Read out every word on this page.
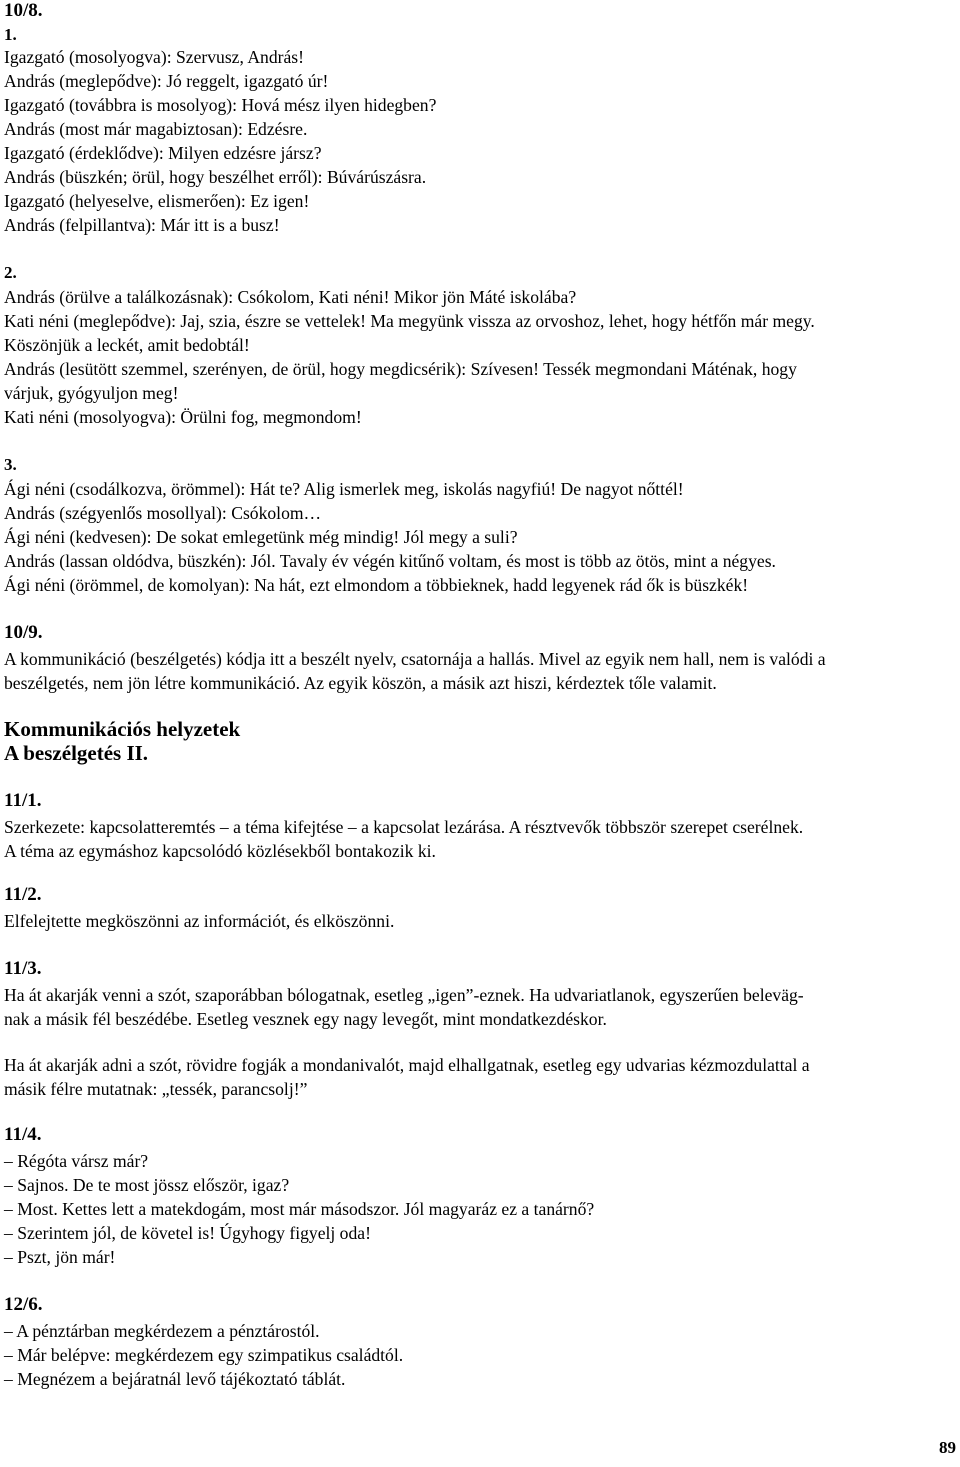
10/8.
1.
Igazgató (mosolyogva): Szervusz, András!
András (meglepődve): Jó reggelt, igazgató úr!
Igazgató (továbbra is mosolyog): Hová mész ilyen hidegben?
András (most már magabiztosan): Edzésre.
Igazgató (érdeklődve): Milyen edzésre jársz?
András (büszkén; örül, hogy beszélhet erről): Búvárúszásra.
Igazgató (helyeselve, elismerően): Ez igen!
András (felpillantva): Már itt is a busz!
2.
András (örülve a találkozásnak): Csókolom, Kati néni! Mikor jön Máté iskolába?
Kati néni (meglepődve): Jaj, szia, észre se vettelek! Ma megyünk vissza az orvoshoz, lehet, hogy hétfőn már megy.
Köszönjük a leckét, amit bedobtál!
András (lesütött szemmel, szerényen, de örül, hogy megdicsérik): Szívesen! Tessék megmondani Máténak, hogy
várjuk, gyógyuljon meg!
Kati néni (mosolyogva): Örülni fog, megmondom!
3.
Ági néni (csodálkozva, örömmel): Hát te? Alig ismerlek meg, iskolás nagyfiú! De nagyot nőttél!
András (szégyenlős mosollyal): Csókolom…
Ági néni (kedvesen): De sokat emlegetünk még mindig! Jól megy a suli?
András (lassan oldódva, büszkén): Jól. Tavaly év végén kitűnő voltam, és most is több az ötös, mint a négyes.
Ági néni (örömmel, de komolyan): Na hát, ezt elmondom a többieknek, hadd legyenek rád ők is büszkék!
10/9.
A kommunikáció (beszélgetés) kódja itt a beszélt nyelv, csatornája a hallás. Mivel az egyik nem hall, nem is valódi a
beszélgetés, nem jön létre kommunikáció. Az egyik köszön, a másik azt hiszi, kérdeztek tőle valamit.
Kommunikációs helyzetek
A beszélgetés II.
11/1.
Szerkezete: kapcsolatteremtés – a téma kifejtése – a kapcsolat lezárása. A résztvevők többször szerepet cserélnek.
A téma az egymáshoz kapcsolódó közlésekből bontakozik ki.
11/2.
Elfelejtette megköszönni az információt, és elköszönni.
11/3.
Ha át akarják venni a szót, szaporábban bólogatnak, esetleg „igen”-eznek. Ha udvariatlanok, egyszerűen beleväg-
nak a másik fél beszédébe. Esetleg vesznek egy nagy levegőt, mint mondatkezdéskor.
Ha át akarják adni a szót, rövidre fogják a mondanivalót, majd elhallgatnak, esetleg egy udvarias kézmozdulattal a
másik félre mutatnak: „tessék, parancsolj!”
11/4.
– Régóta vársz már?
– Sajnos. De te most jössz először, igaz?
– Most. Kettes lett a matekdogám, most már másodszor. Jól magyaráz ez a tanárnő?
– Szerintem jól, de követel is! Úgyhogy figyelj oda!
– Pszt, jön már!
12/6.
– A pénztárban megkérdezem a pénztárostól.
– Már belépve: megkérdezem egy szimpatikus családtól.
– Megnézem a bejáratnál levő tájékoztató táblát.
89
